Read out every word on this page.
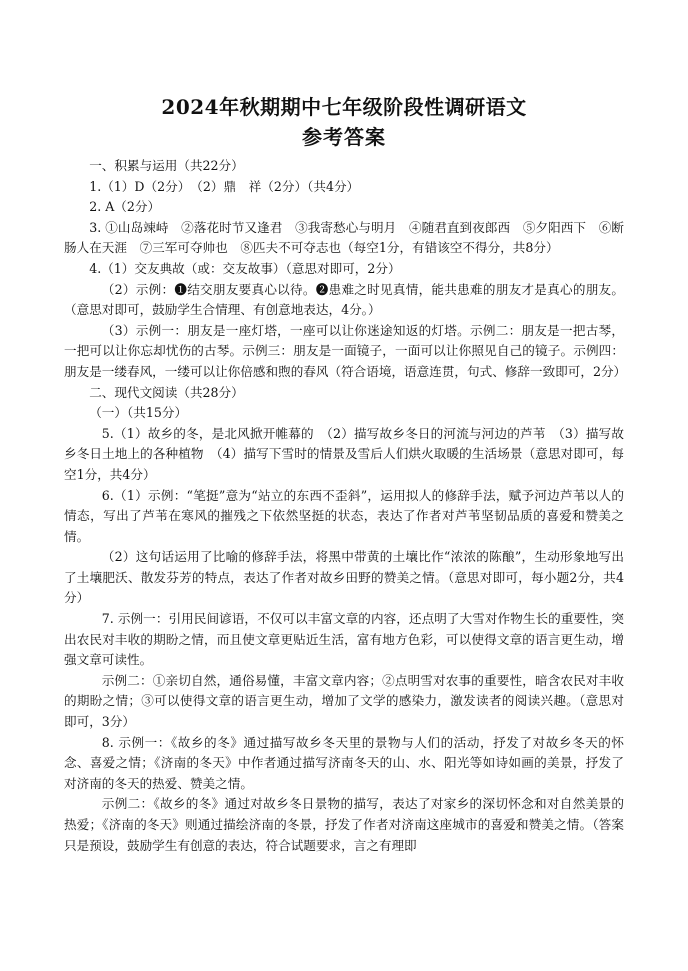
2024年秋期期中七年级阶段性调研语文
参考答案

一、积累与运用（共22分）

1.（1）D（2分）　（2）鼎　祥（2分）（共4分）

2. A（2分）

3. ①山岛竦峙　②落花时节又逢君　③我寄愁心与明月　④随君直到夜郎西　⑤夕阳西下　⑥断肠人在天涯　⑦三军可夺帅也　⑧匹夫不可夺志也（每空1分，有错该空不得分，共8分）

4.（1）交友典故（或：交友故事）（意思对即可，2分）

（2）示例：❶结交朋友要真心以待。❷患难之时见真情，能共患难的朋友才是真心的朋友。（意思对即可，鼓励学生合情理、有创意地表达，4分。）

（3）示例一：朋友是一座灯塔，一座可以让你迷途知返的灯塔。示例二：朋友是一把古琴，一把可以让你忘却忧伤的古琴。示例三：朋友是一面镜子，一面可以让你照见自己的镜子。示例四：朋友是一缕春风，一缕可以让你倍感和煦的春风（符合语境，语意连贯，句式、修辞一致即可，2分）

二、现代文阅读（共28分）

（一）（共15分）

5.（1）故乡的冬，是北风掀开帷幕的　（2）描写故乡冬日的河流与河边的芦苇　（3）描写故乡冬日土地上的各种植物　（4）描写下雪时的情景及雪后人们烘火取暖的生活场景（意思对即可，每空1分，共4分）

6.（1）示例：“笔挺”意为“站立的东西不歪斜”，运用拟人的修辞手法，赋予河边芦苇以人的情态，写出了芦苇在寒风的摧残之下依然坚挺的状态，表达了作者对芦苇坚韧品质的喜爱和赞美之情。

（2）这句话运用了比喻的修辞手法，将黑中带黄的土壤比作“浓浓的陈酿”，生动形象地写出了土壤肥沃、散发芬芳的特点，表达了作者对故乡田野的赞美之情。（意思对即可，每小题2分，共4分）

7. 示例一：引用民间谚语，不仅可以丰富文章的内容，还点明了大雪对作物生长的重要性，突出农民对丰收的期盼之情，而且使文章更贴近生活，富有地方色彩，可以使得文章的语言更生动，增强文章可读性。

示例二：①亲切自然，通俗易懂，丰富文章内容；②点明雪对农事的重要性，暗含农民对丰收的期盼之情；③可以使得文章的语言更生动，增加了文学的感染力，激发读者的阅读兴趣。（意思对即可，3分）

8. 示例一：《故乡的冬》通过描写故乡冬天里的景物与人们的活动，抒发了对故乡冬天的怀念、喜爱之情；《济南的冬天》中作者通过描写济南冬天的山、水、阳光等如诗如画的美景，抒发了对济南的冬天的热爱、赞美之情。

示例二：《故乡的冬》通过对故乡冬日景物的描写，表达了对家乡的深切怀念和对自然美景的热爱；《济南的冬天》则通过描绘济南的冬景，抒发了作者对济南这座城市的喜爱和赞美之情。（答案只是预设，鼓励学生有创意的表达，符合试题要求，言之有理即
